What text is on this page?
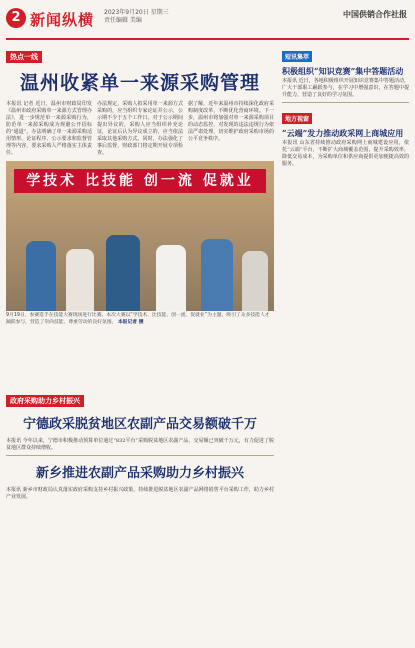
2 新闻纵横 2023年9月20日 星期三
责任编辑 美编
中国供销合作社报
热点一线
温州收紧单一来源采购管理
本报讯 记者 近日，温州市财政局印发《温州市政府采购单一来源方式管理办法》，进一步规范单一来源采购行为，防范单一来源采购成为规避公开招标的“通道”。办法明确了单一来源采购适用情形、论证程序、公示要求和监督管理等内容，要求采购人严格落实主体责任。
办法规定，采购人拟采用单一来源方式采购的，应当组织专家论证并公示，公示期不少于五个工作日。对于公示期间提出异议的，采购人应当组织补充论证，论证后认为异议成立的，应当依法采取其他采购方式。同时，办法强化了事后监督，财政部门将定期开展专项检查。
据了解，近年来温州市持续深化政府采购制度改革，不断优化营商环境。下一步，温州市将加强对单一来源采购项目的动态监控，对发现的违法违规行为依法严肃处理，切实维护政府采购市场的公平竞争秩序。
学技术 比技能 创一流 促就业
9月19日，参赛选手在技能大赛现场进行比赛。本次大赛以“学技术、比技能、创一流、促就业”为主题，吸引了众多技能人才踊跃参与，营造了崇尚技能、尊重劳动的良好氛围。 本报记者 摄
短讯集萃
积极组织“知识竞赛”集中答题活动
本报讯 近日，各地积极组织开展知识竞赛集中答题活动，广大干部职工踊跃参与，在学习中增强意识，在答题中提升能力，营造了良好的学习氛围。
地方视窗
“云端”发力推动政采网上商城应用
本报讯 山东省持续推动政府采购网上商城建设应用，依托“云端”平台，不断扩大商城覆盖范围，提升采购效率，降低交易成本，为采购单位和供应商提供更加便捷高效的服务。
政府采购助力乡村振兴
宁德政采脱贫地区农副产品交易额破千万
本报讯 今年以来，宁德市积极推动预算单位通过“832平台”采购脱贫地区农副产品，交易额已突破千万元，有力促进了脱贫地区群众持续增收。
新乡推进农副产品采购助力乡村振兴
本报讯 新乡市财政局认真落实政府采购支持乡村振兴政策，持续推进脱贫地区农副产品网络销售平台采购工作，助力乡村产业发展。
